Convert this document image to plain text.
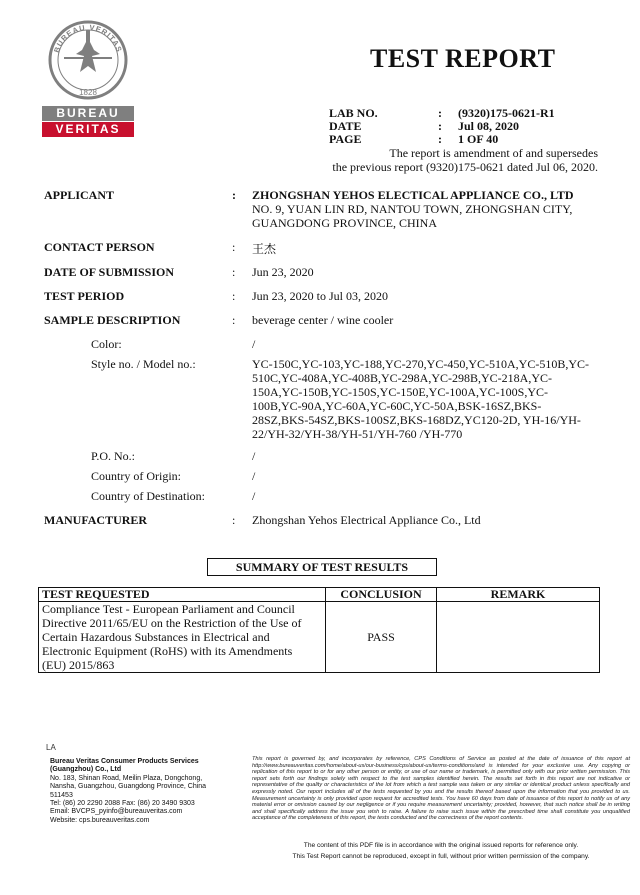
BUREAU VERITAS
1828
BUREAU
VERITAS
TEST REPORT
LAB NO.	: (9320)175-0621-R1
DATE	: Jul 08, 2020
PAGE	: 1 OF 40
The report is amendment of and supersedes
the previous report (9320)175-0621 dated Jul 06, 2020.
APPLICANT	: ZHONGSHAN YEHOS ELECTICAL APPLIANCE CO., LTD
NO. 9, YUAN LIN RD, NANTOU TOWN, ZHONGSHAN CITY,
GUANGDONG PROVINCE, CHINA
CONTACT PERSON	: 王杰
DATE OF SUBMISSION	: Jun 23, 2020
TEST PERIOD	: Jun 23, 2020 to Jul 03, 2020
SAMPLE DESCRIPTION	: beverage center / wine cooler
Color:	/
Style no. / Model no.:	YC-150C,YC-103,YC-188,YC-270,YC-450,YC-510A,YC-510B,YC-
510C,YC-408A,YC-408B,YC-298A,YC-298B,YC-218A,YC-
150A,YC-150B,YC-150S,YC-150E,YC-100A,YC-100S,YC-
100B,YC-90A,YC-60A,YC-60C,YC-50A,BSK-16SZ,BKS-
28SZ,BKS-54SZ,BKS-100SZ,BKS-168DZ,YC120-2D, YH-16/YH-
22/YH-32/YH-38/YH-51/YH-760 /YH-770
P.O. No.:	/
Country of Origin:	/
Country of Destination:	/
MANUFACTURER	: Zhongshan Yehos Electrical Appliance Co., Ltd
SUMMARY OF TEST RESULTS
TEST REQUESTED	CONCLUSION	REMARK

Compliance Test - European Parliament and Council
Directive 2011/65/EU on the Restriction of the Use of
Certain Hazardous Substances in Electrical and
Electronic Equipment (RoHS) with its Amendments
(EU) 2015/863	PASS	
LA
Bureau Veritas Consumer Products Services
(Guangzhou) Co., Ltd
No. 183, Shinan Road, Meilin Plaza, Dongchong,
Nansha, Guangzhou, Guangdong Province, China
511453
Tel: (86) 20 2290 2088 Fax: (86) 20 3490 9303
Email: BVCPS_pyinfo@bureauveritas.com
Website: cps.bureauveritas.com
This report is governed by, and incorporates by reference, CPS Conditions of Service as posted at the date of issuance of this report at http://www.bureauveritas.com/home/about-us/our-business/cps/about-us/terms-conditions/and is intended for your exclusive use. Any copying or replication of this report to or for any other person or entity, or use of our name or trademark, is permitted only with our prior written permission. This report sets forth our findings solely with respect to the test samples identified herein. The results set forth in this report are not indicative or representative of the quality or characteristics of the lot from which a test sample was taken or any similar or identical product unless specifically and expressly noted. Our report includes all of the tests requested by you and the results thereof based upon the information that you provided to us. Measurement uncertainty is only provided upon request for accredited tests. You have 60 days from date of issuance of this report to notify us of any material error or omission caused by our negligence or if you require measurement uncertainty; provided, however, that such notice shall be in writing and shall specifically address the issue you wish to raise. A failure to raise such issue within the prescribed time shall constitute you unqualified acceptance of the completeness of this report, the tests conducted and the correctness of the report contents.
The content of this PDF file is in accordance with the original issued reports for reference only.
This Test Report cannot be reproduced, except in full, without prior written permission of the company.
